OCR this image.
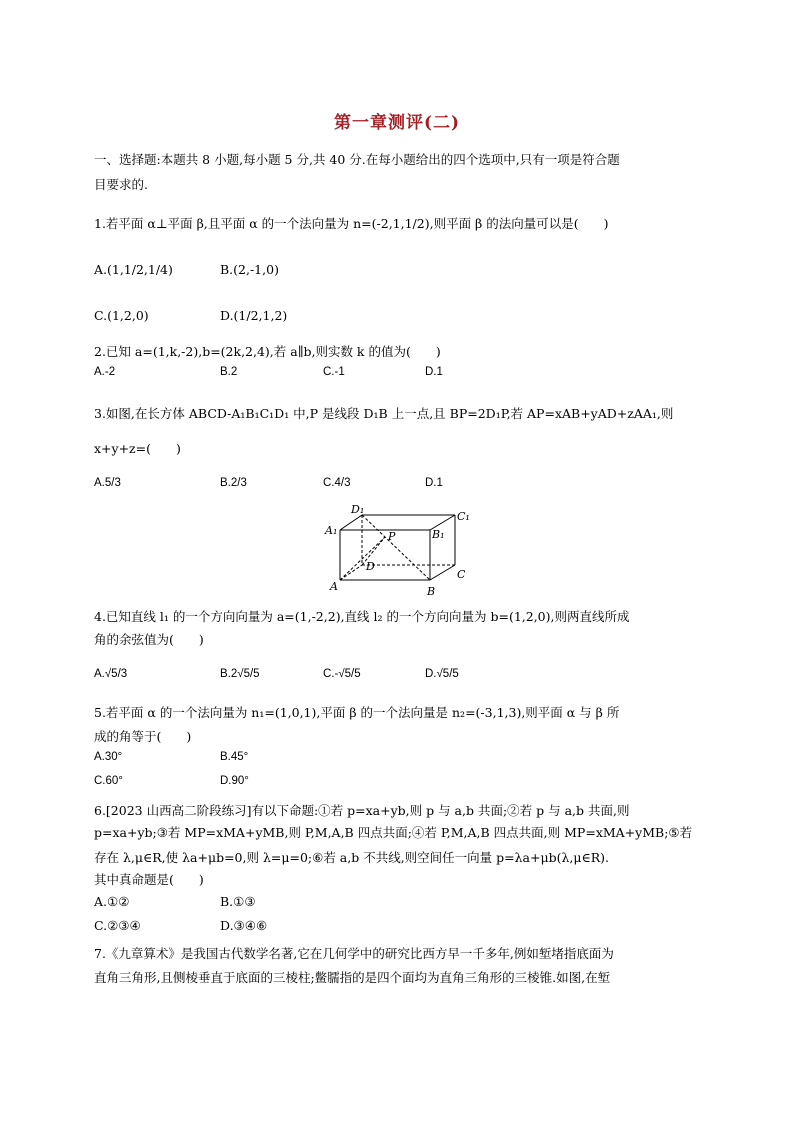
第一章测评(二)
一、选择题:本题共 8 小题,每小题 5 分,共 40 分.在每小题给出的四个选项中,只有一项是符合题
目要求的.
1.若平面 α⊥平面 β,且平面 α 的一个法向量为 n=(-2,1,1/2),则平面 β 的法向量可以是(　　)
A.(1,1/2,1/4)	B.(2,-1,0)
C.(1,2,0)	D.(1/2,1,2)
2.已知 a=(1,k,-2),b=(2k,2,4),若 a∥b,则实数 k 的值为(　　)
A.-2	B.2	C.-1	D.1
3.如图,在长方体 ABCD-A₁B₁C₁D₁ 中,P 是线段 D₁B 上一点,且 BP=2D₁P,若 AP=xAB+yAD+zAA₁,则
x+y+z=(　　)
A.5/3	B.2/3	C.4/3	D.1
D₁
C₁
A₁	B₁
P
D
C
A	B
4.已知直线 l₁ 的一个方向向量为 a=(1,-2,2),直线 l₂ 的一个方向向量为 b=(1,2,0),则两直线所成
角的余弦值为(　　)
A.√5/3	B.2√5/5	C.-√5/5	D.√5/5
5.若平面 α 的一个法向量为 n₁=(1,0,1),平面 β 的一个法向量是 n₂=(-3,1,3),则平面 α 与 β 所
成的角等于(　　)
A.30°	B.45°
C.60°	D.90°
6.[2023 山西高二阶段练习]有以下命题:①若 p=xa+yb,则 p 与 a,b 共面;②若 p 与 a,b 共面,则
p=xa+yb;③若 MP=xMA+yMB,则 P,M,A,B 四点共面;④若 P,M,A,B 四点共面,则 MP=xMA+yMB;⑤若
存在 λ,μ∈R,使 λa+μb=0,则 λ=μ=0;⑥若 a,b 不共线,则空间任一向量 p=λa+μb(λ,μ∈R).
其中真命题是(　　)
A.①②	B.①③
C.②③④	D.③④⑥
7.《九章算术》是我国古代数学名著,它在几何学中的研究比西方早一千多年,例如堑堵指底面为
直角三角形,且侧棱垂直于底面的三棱柱;鳖臑指的是四个面均为直角三角形的三棱锥.如图,在堑
